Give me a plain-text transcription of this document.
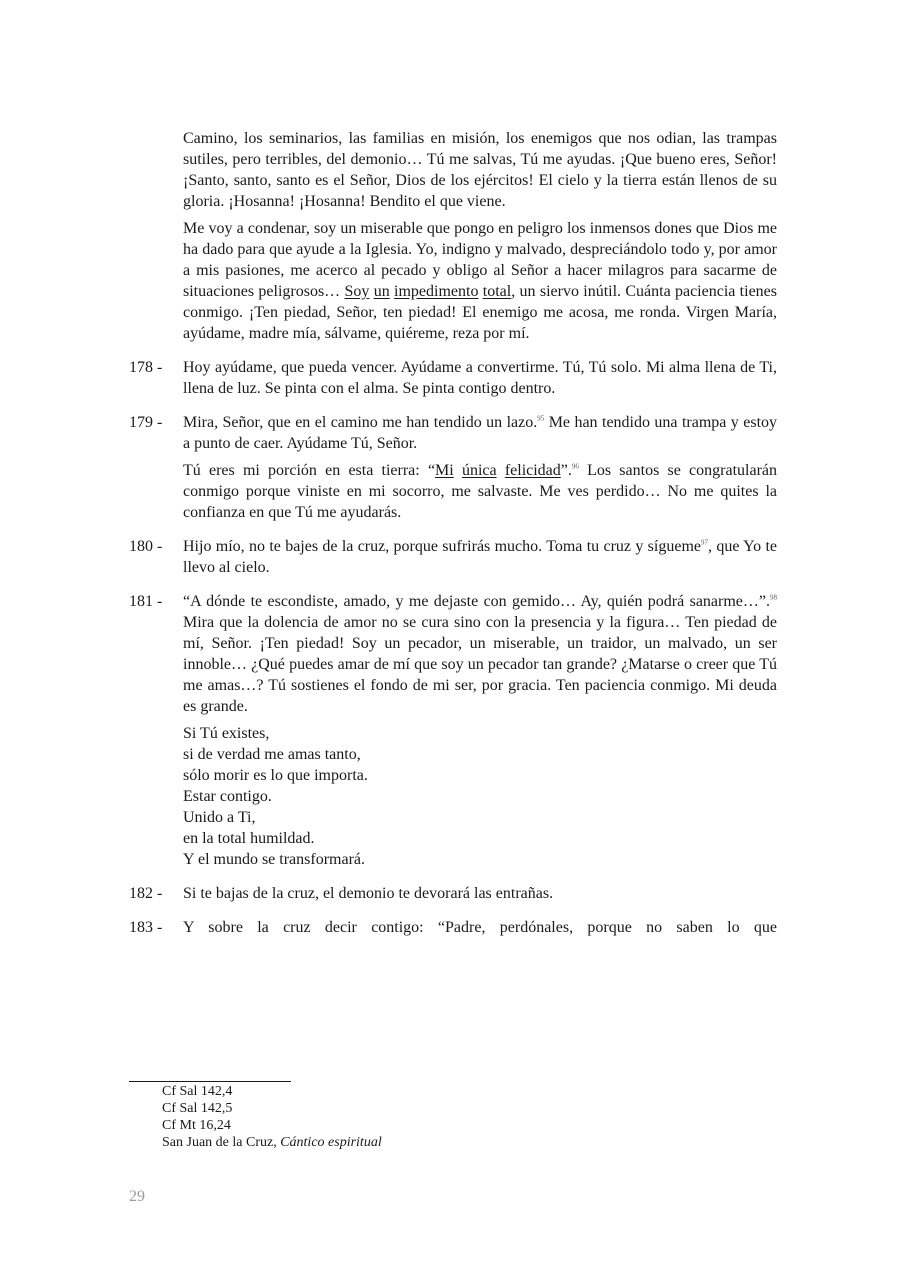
Camino, los seminarios, las familias en misión, los enemigos que nos odian, las trampas sutiles, pero terribles, del demonio… Tú me salvas, Tú me ayudas. ¡Que bueno eres, Señor! ¡Santo, santo, santo es el Señor, Dios de los ejércitos! El cielo y la tierra están llenos de su gloria. ¡Hosanna! ¡Hosanna! Bendito el que viene.

Me voy a condenar, soy un miserable que pongo en peligro los inmensos dones que Dios me ha dado para que ayude a la Iglesia. Yo, indigno y malvado, despreciándolo todo y, por amor a mis pasiones, me acerco al pecado y obligo al Señor a hacer milagros para sacarme de situaciones peligrosos… Soy un impedimento total, un siervo inútil. Cuánta paciencia tienes conmigo. ¡Ten piedad, Señor, ten piedad! El enemigo me acosa, me ronda. Virgen María, ayúdame, madre mía, sálvame, quiéreme, reza por mí.

178 -	Hoy ayúdame, que pueda vencer. Ayúdame a convertirme. Tú, Tú solo. Mi alma llena de Ti, llena de luz. Se pinta con el alma. Se pinta contigo dentro.

179 -	Mira, Señor, que en el camino me han tendido un lazo.$^{95}$ Me han tendido una trampa y estoy a punto de caer. Ayúdame Tú, Señor.

Tú eres mi porción en esta tierra: “Mi única felicidad”.$^{96}$ Los santos se congratularán conmigo porque viniste en mi socorro, me salvaste. Me ves perdido… No me quites la confianza en que Tú me ayudarás.

180 -	Hijo mío, no te bajes de la cruz, porque sufrirás mucho. Toma tu cruz y sígueme$^{97}$, que Yo te llevo al cielo.

181 -	“A dónde te escondiste, amado, y me dejaste con gemido… Ay, quién podrá sanarme…”.$^{98}$ Mira que la dolencia de amor no se cura sino con la presencia y la figura… Ten piedad de mí, Señor. ¡Ten piedad! Soy un pecador, un miserable, un traidor, un malvado, un ser innoble… ¿Qué puedes amar de mí que soy un pecador tan grande? ¿Matarse o creer que Tú me amas…? Tú sostienes el fondo de mi ser, por gracia. Ten paciencia conmigo. Mi deuda es grande.

Si Tú existes,
si de verdad me amas tanto,
sólo morir es lo que importa.
Estar contigo.
Unido a Ti,
en la total humildad.
Y el mundo se transformará.
182 -	Si te bajas de la cruz, el demonio te devorará las entrañas.

183 -	Y sobre la cruz decir contigo: “Padre, perdónales, porque no saben lo que

Cf Sal 142,4
Cf Sal 142,5
Cf Mt 16,24
San Juan de la Cruz, Cántico espiritual
29
